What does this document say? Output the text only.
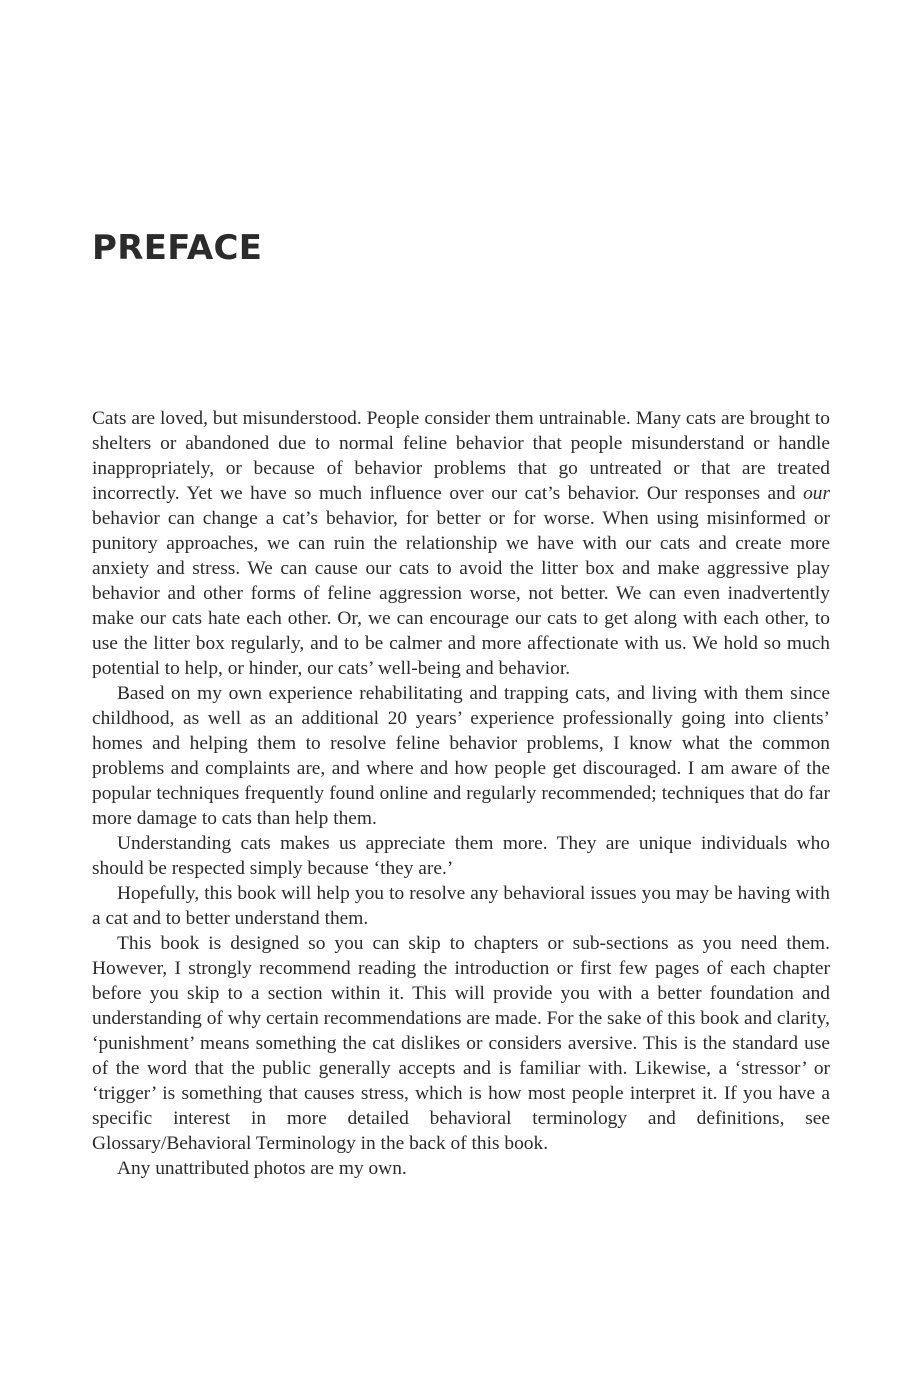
PREFACE

Cats are loved, but misunderstood. People consider them untrainable. Many cats are brought to shelters or abandoned due to normal feline behavior that people misunderstand or handle inappropriately, or because of behavior problems that go untreated or that are treated incorrectly. Yet we have so much influence over our cat’s behavior. Our responses and our behavior can change a cat’s behavior, for better or for worse. When using misinformed or punitory approaches, we can ruin the relationship we have with our cats and create more anxiety and stress. We can cause our cats to avoid the litter box and make aggressive play behavior and other forms of feline aggression worse, not better. We can even inadvertently make our cats hate each other. Or, we can encourage our cats to get along with each other, to use the litter box regularly, and to be calmer and more affectionate with us. We hold so much potential to help, or hinder, our cats’ well-being and behavior.

Based on my own experience rehabilitating and trapping cats, and living with them since childhood, as well as an additional 20 years’ experience professionally going into clients’ homes and helping them to resolve feline behavior problems, I know what the common problems and complaints are, and where and how people get discouraged. I am aware of the popular techniques frequently found online and regularly recommended; techniques that do far more damage to cats than help them.

Understanding cats makes us appreciate them more. They are unique individuals who should be respected simply because ‘they are.’

Hopefully, this book will help you to resolve any behavioral issues you may be having with a cat and to better understand them.

This book is designed so you can skip to chapters or sub-sections as you need them. However, I strongly recommend reading the introduction or first few pages of each chapter before you skip to a section within it. This will provide you with a better foundation and understanding of why certain recommendations are made. For the sake of this book and clarity, ‘punishment’ means something the cat dislikes or considers aversive. This is the standard use of the word that the public generally accepts and is familiar with. Likewise, a ‘stressor’ or ‘trigger’ is something that causes stress, which is how most people interpret it. If you have a specific interest in more detailed behavioral terminology and definitions, see Glossary/Behavioral Terminology in the back of this book.

Any unattributed photos are my own.
